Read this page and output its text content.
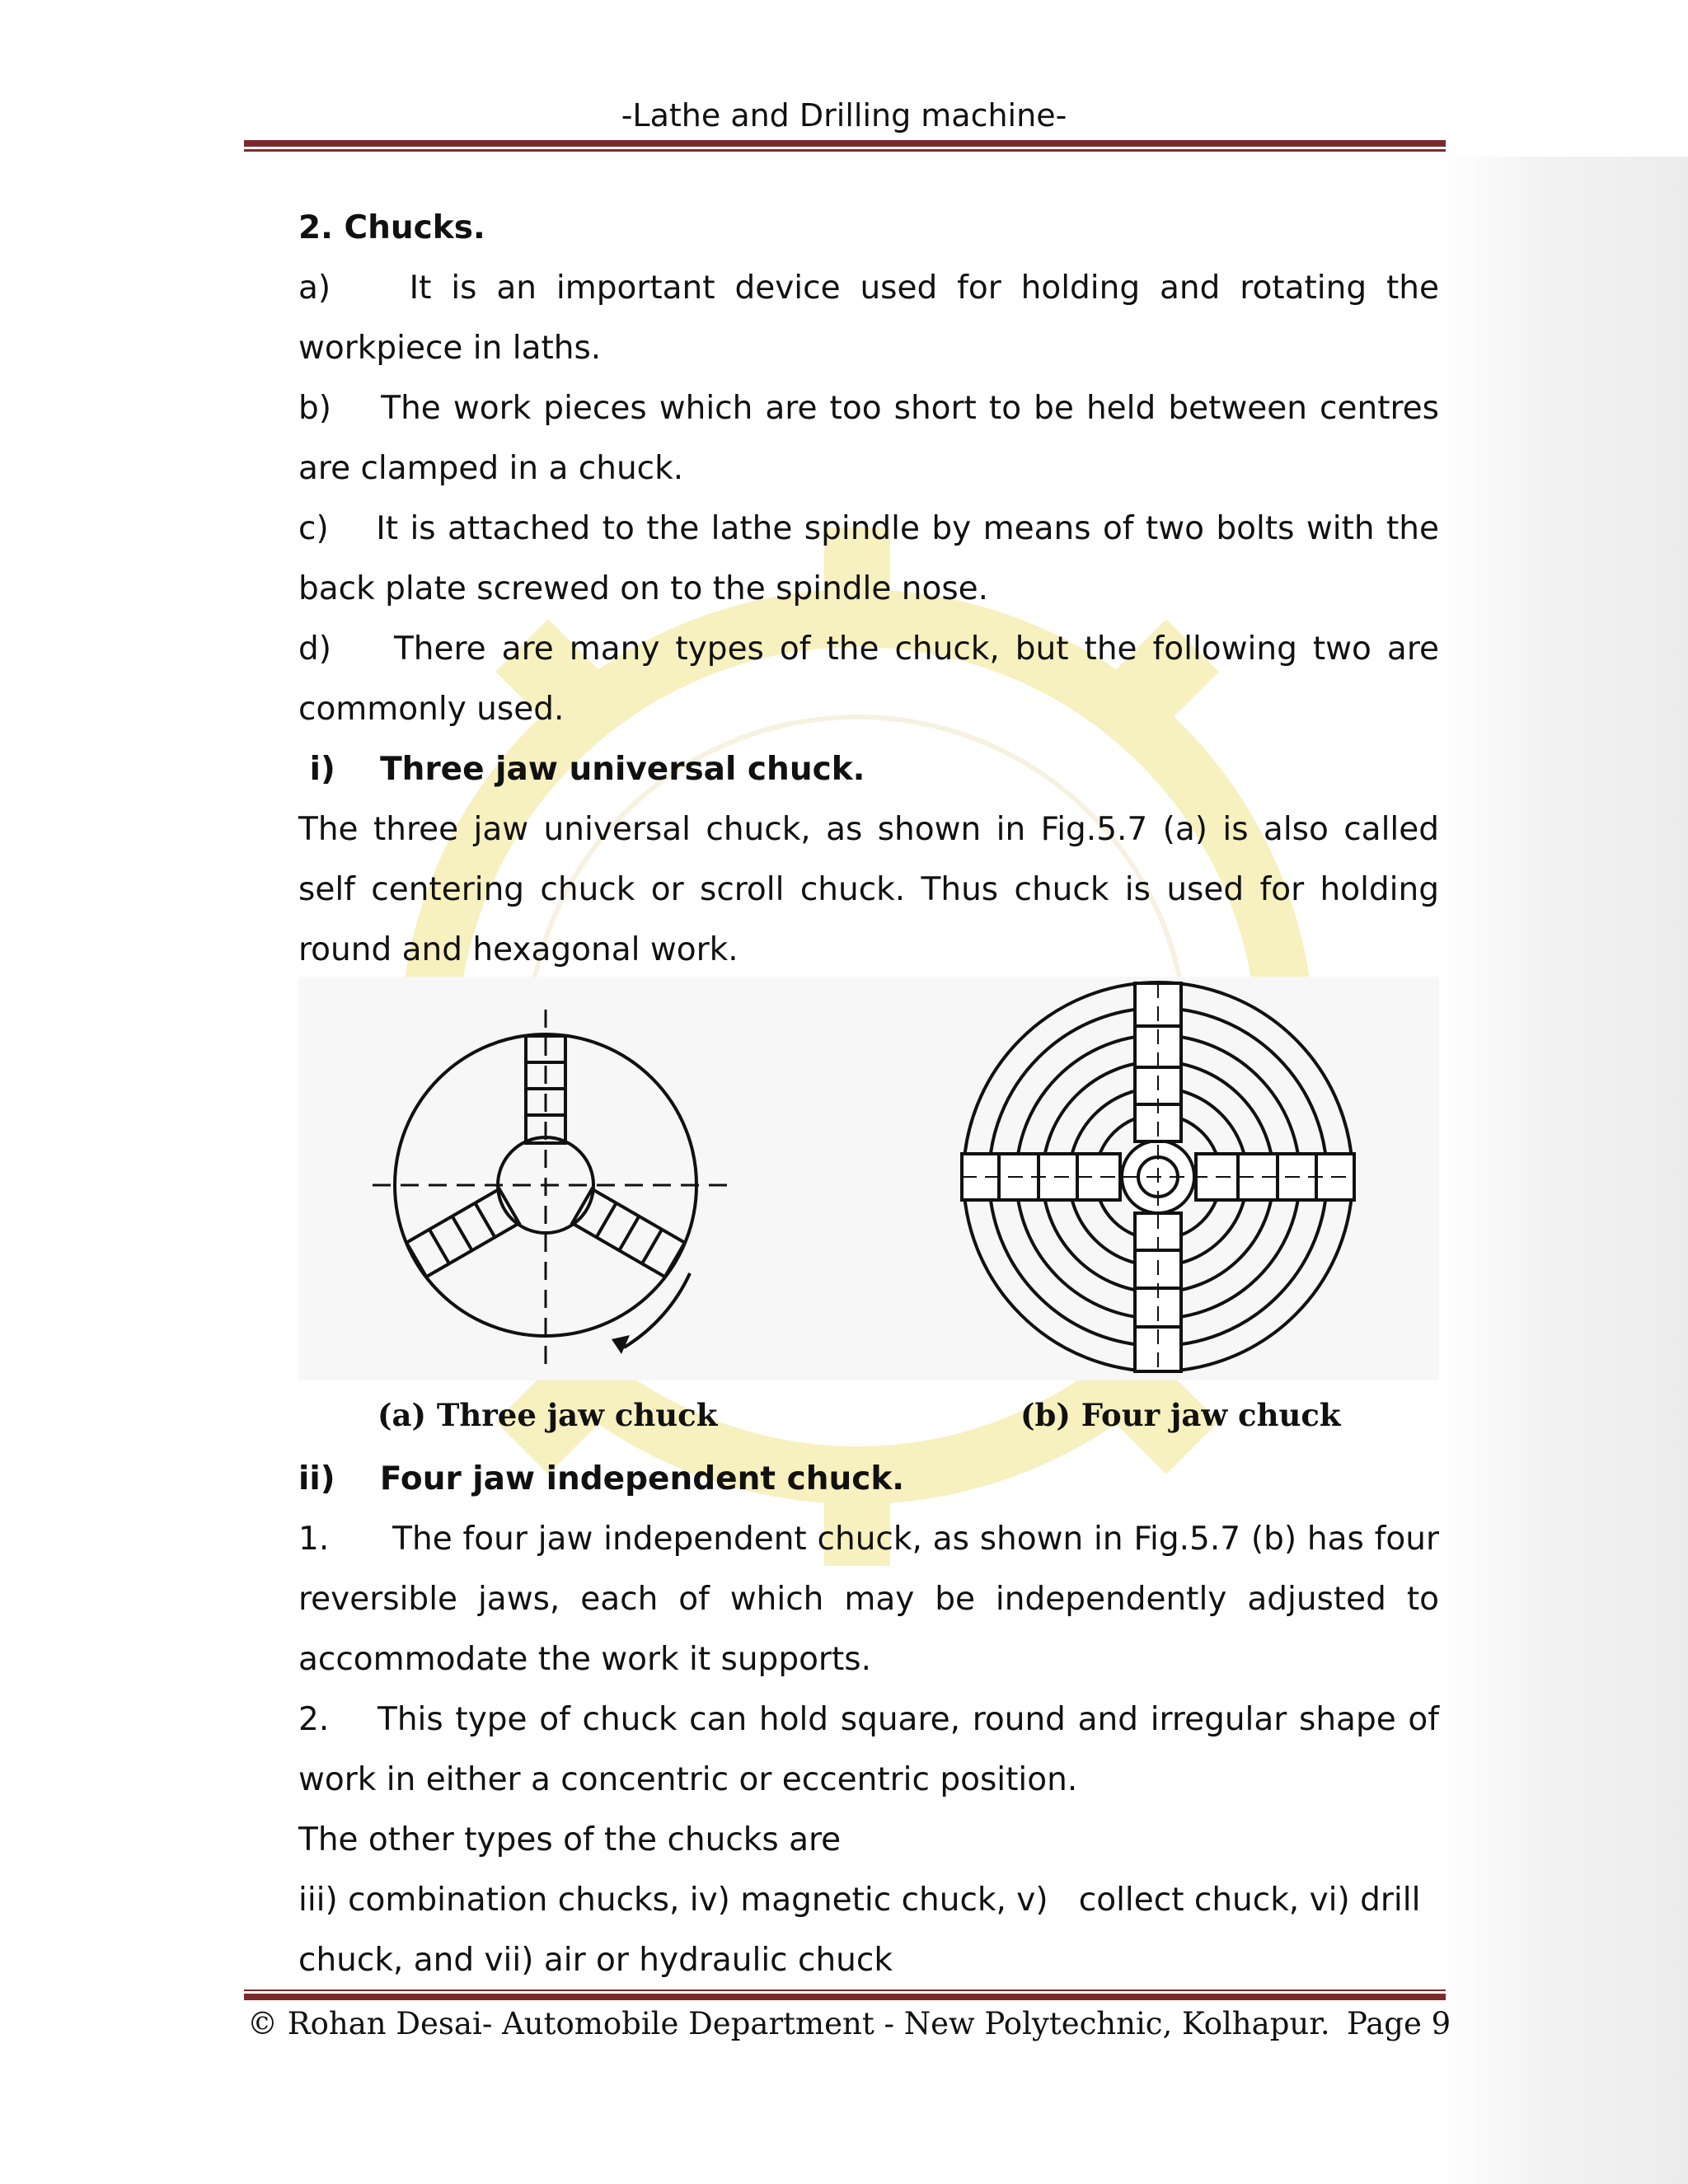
-Lathe and Drilling machine-

2. Chucks.

a)    It is an important device used for holding and rotating the workpiece in laths.

b)    The work pieces which are too short to be held between centres are clamped in a chuck.

c)    It is attached to the lathe spindle by means of two bolts with the back plate screwed on to the spindle nose.

d)    There are many types of the chuck, but the following two are commonly used.

i)    Three jaw universal chuck.

The three jaw universal chuck, as shown in Fig.5.7 (a) is also called self centering chuck or scroll chuck. Thus chuck is used for holding round and hexagonal work.

(a) Three jaw chuck	(b) Four jaw chuck

ii)    Four jaw independent chuck.

1.      The four jaw independent chuck, as shown in Fig.5.7 (b) has four reversible jaws, each of which may be independently adjusted to accommodate the work it supports.

2.    This type of chuck can hold square, round and irregular shape of work in either a concentric or eccentric position.

The other types of the chucks are

iii) combination chucks, iv) magnetic chuck, v)   collect chuck, vi) drill chuck, and vii) air or hydraulic chuck

© Rohan Desai- Automobile Department - New Polytechnic, Kolhapur. Page 9
